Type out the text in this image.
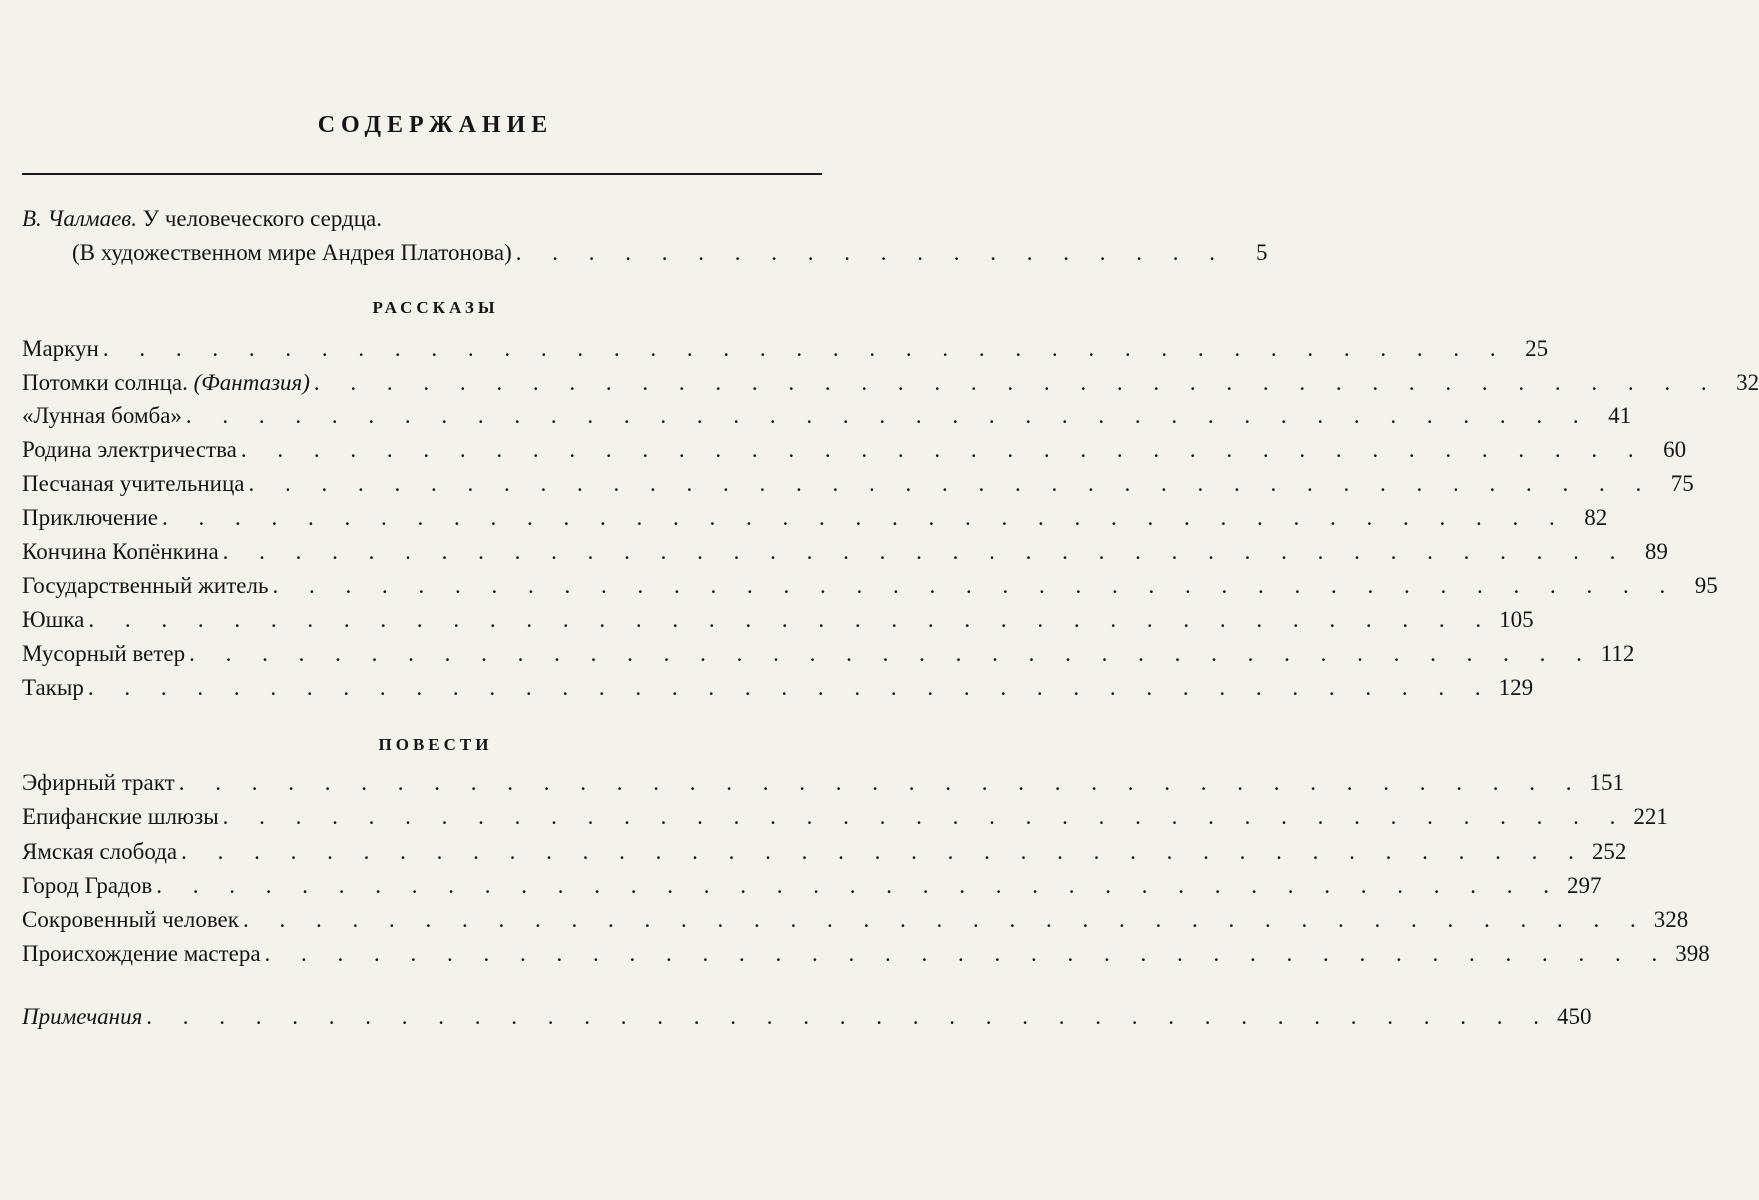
СОДЕРЖАНИЕ
В. Чалмаев. У человеческого сердца.
(В художественном мире Андрея Платонова) . . . . . . . . . . . . . . . . . . . .	5
РАССКАЗЫ
Маркун . . . . . . . . . . . . . . . . . . . . . . . . . . . . . . . . . . . . . . . 25
Потомки солнца. (Фантазия) . . . . . . . . . . . . . . . . . . . . . . . . . . . . . . . . . . . . . . . 32
«Лунная бомба» . . . . . . . . . . . . . . . . . . . . . . . . . . . . . . . . . . . . . . . 41
Родина электричества . . . . . . . . . . . . . . . . . . . . . . . . . . . . . . . . . . . . . . . 60
Песчаная учительница . . . . . . . . . . . . . . . . . . . . . . . . . . . . . . . . . . . . . . . 75
Приключение . . . . . . . . . . . . . . . . . . . . . . . . . . . . . . . . . . . . . . . 82
Кончина Копёнкина . . . . . . . . . . . . . . . . . . . . . . . . . . . . . . . . . . . . . . . 89
Государственный житель . . . . . . . . . . . . . . . . . . . . . . . . . . . . . . . . . . . . . . . 95
Юшка . . . . . . . . . . . . . . . . . . . . . . . . . . . . . . . . . . . . . . . 105
Мусорный ветер . . . . . . . . . . . . . . . . . . . . . . . . . . . . . . . . . . . . . . . 112
Такыр . . . . . . . . . . . . . . . . . . . . . . . . . . . . . . . . . . . . . . . 129
ПОВЕСТИ
Эфирный тракт . . . . . . . . . . . . . . . . . . . . . . . . . . . . . . . . . . . . . . . 151
Епифанские шлюзы . . . . . . . . . . . . . . . . . . . . . . . . . . . . . . . . . . . . . . . 221
Ямская слобода . . . . . . . . . . . . . . . . . . . . . . . . . . . . . . . . . . . . . . . 252
Город Градов . . . . . . . . . . . . . . . . . . . . . . . . . . . . . . . . . . . . . . . 297
Сокровенный человек . . . . . . . . . . . . . . . . . . . . . . . . . . . . . . . . . . . . . . . 328
Происхождение мастера . . . . . . . . . . . . . . . . . . . . . . . . . . . . . . . . . . . . . . . 398
Примечания . . . . . . . . . . . . . . . . . . . . . . . . . . . . . . . . . . . . . . . 450
